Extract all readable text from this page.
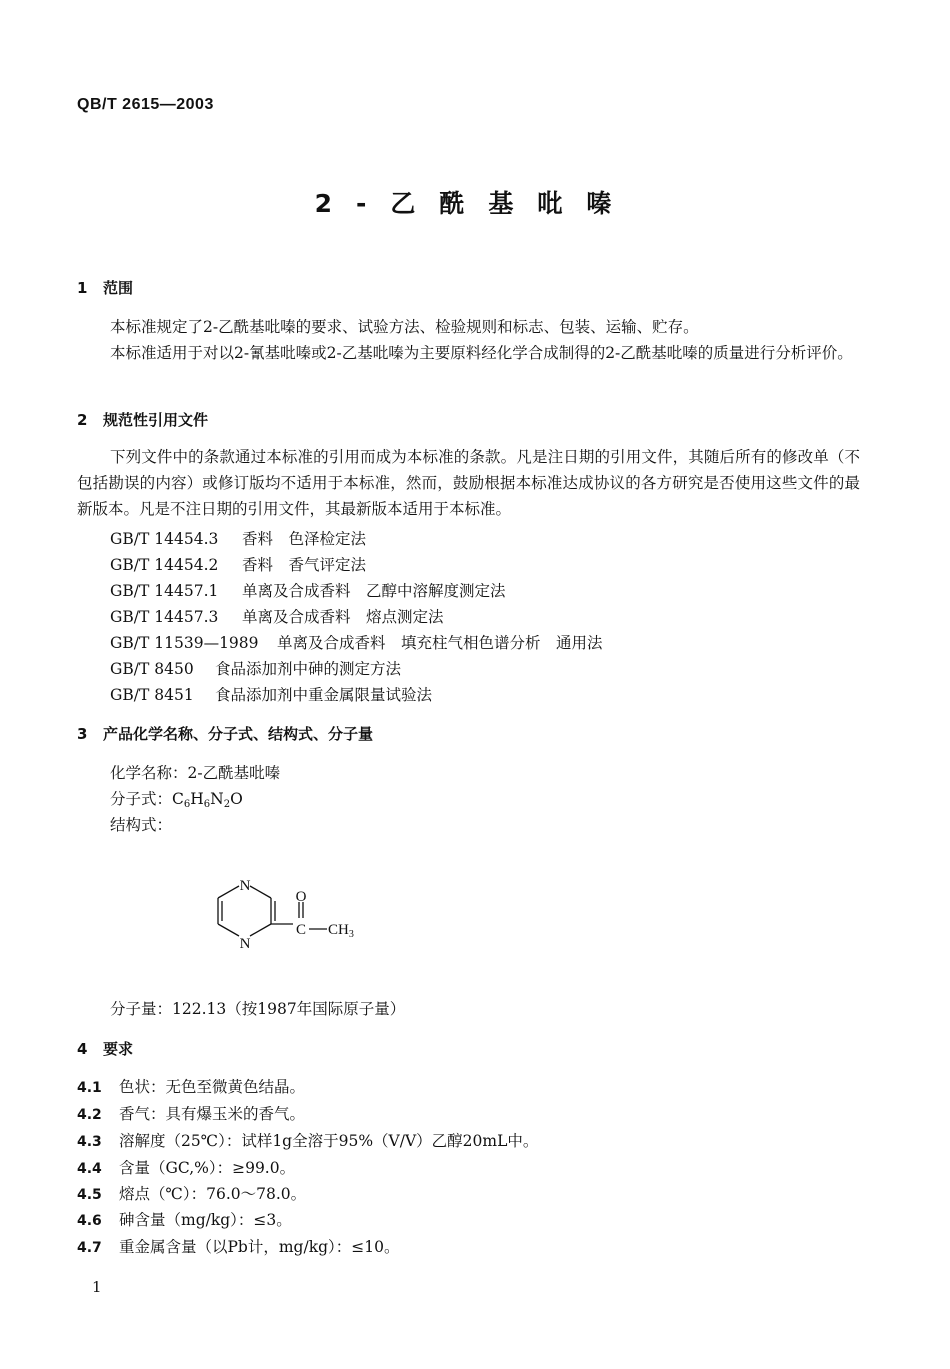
QB/T 2615—2003
2-乙酰基吡嗪
1 范围
本标准规定了2-乙酰基吡嗪的要求、试验方法、检验规则和标志、包装、运输、贮存。
本标准适用于对以2-氰基吡嗪或2-乙基吡嗪为主要原料经化学合成制得的2-乙酰基吡嗪的质量进行分析评价。
2 规范性引用文件
下列文件中的条款通过本标准的引用而成为本标准的条款。凡是注日期的引用文件，其随后所有的修改单（不包括勘误的内容）或修订版均不适用于本标准，然而，鼓励根据本标准达成协议的各方研究是否使用这些文件的最新版本。凡是不注日期的引用文件，其最新版本适用于本标准。
GB/T 14454.3 香料　色泽检定法
GB/T 14454.2 香料　香气评定法
GB/T 14457.1 单离及合成香料　乙醇中溶解度测定法
GB/T 14457.3 单离及合成香料　熔点测定法
GB/T 11539—1989 单离及合成香料　填充柱气相色谱分析　通用法
GB/T 8450 食品添加剂中砷的测定方法
GB/T 8451 食品添加剂中重金属限量试验法
3 产品化学名称、分子式、结构式、分子量
化学名称：2-乙酰基吡嗪
分子式：$C_6H_6N_2O$
结构式：
N
N
O
C $CH_3$
分子量：122.13（按1987年国际原子量）
4 要求
4.1 色状：无色至微黄色结晶。
4.2 香气：具有爆玉米的香气。
4.3 溶解度（25℃）：试样1g全溶于95%（V/V）乙醇20mL中。
4.4 含量（GC,%）：≥99.0。
4.5 熔点（℃）：76.0～78.0。
4.6 砷含量（mg/kg）：≤3。
4.7 重金属含量（以Pb计，mg/kg）：≤10。
1
